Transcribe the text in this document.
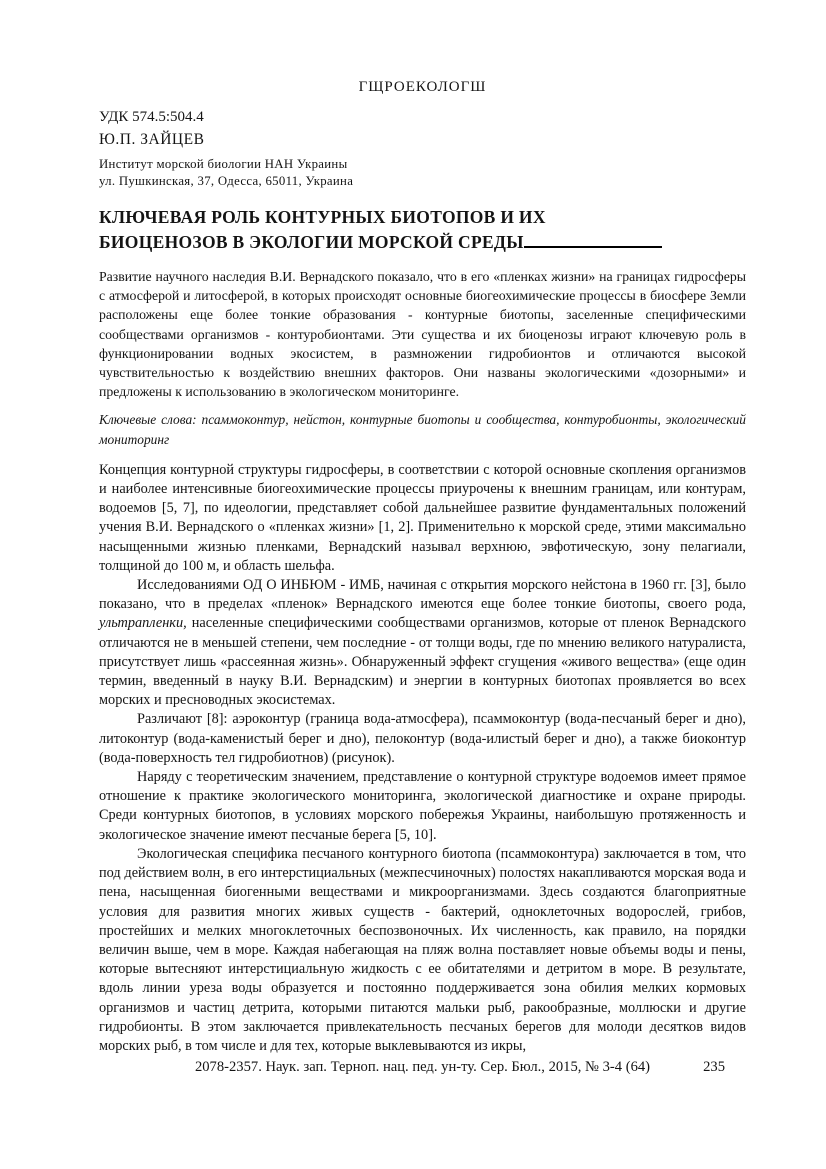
ГЩРОЕКОЛОГШ
УДК 574.5:504.4
Ю.П. ЗАЙЦЕВ
Институт морской биологии НАН Украины
ул. Пушкинская, 37, Одесса, 65011, Украина
КЛЮЧЕВАЯ РОЛЬ КОНТУРНЫХ БИОТОПОВ И ИХ
БИОЦЕНОЗОВ В ЭКОЛОГИИ МОРСКОЙ СРЕДЫ
Развитие научного наследия В.И. Вернадского показало, что в его «пленках жизни» на границах гидросферы с атмосферой и литосферой, в которых происходят основные биогеохимические процессы в биосфере Земли расположены еще более тонкие образования - контурные биотопы, заселенные специфическими сообществами организмов - контуробионтами. Эти существа и их биоценозы играют ключевую роль в функционировании водных экосистем, в размножении гидробионтов и отличаются высокой чувствительностью к воздействию внешних факторов. Они названы экологическими «дозорными» и предложены к использованию в экологическом мониторинге.
Ключевые слова: псаммоконтур, нейстон, контурные биотопы и сообщества, контуробионты, экологический мониторинг

Концепция контурной структуры гидросферы, в соответствии с которой основные скопления организмов и наиболее интенсивные биогеохимические процессы приурочены к внешним границам, или контурам, водоемов [5, 7], по идеологии, представляет собой дальнейшее развитие фундаментальных положений учения В.И. Вернадского о «пленках жизни» [1, 2]. Применительно к морской среде, этими максимально насыщенными жизнью пленками, Вернадский называл верхнюю, эвфотическую, зону пелагиали, толщиной до 100 м, и область шельфа.

Исследованиями ОД О ИНБЮМ - ИМБ, начиная с открытия морского нейстона в 1960 гг. [3], было показано, что в пределах «пленок» Вернадского имеются еще более тонкие биотопы, своего рода, ультрапленки, населенные специфическими сообществами организмов, которые от пленок Вернадского отличаются не в меньшей степени, чем последние - от толщи воды, где по мнению великого натуралиста, присутствует лишь «рассеянная жизнь». Обнаруженный эффект сгущения «живого вещества» (еще один термин, введенный в науку В.И. Вернадским) и энергии в контурных биотопах проявляется во всех морских и пресноводных экосистемах.

Различают [8]: аэроконтур (граница вода-атмосфера), псаммоконтур (вода-песчаный берег и дно), литоконтур (вода-каменистый берег и дно), пелоконтур (вода-илистый берег и дно), а также биоконтур (вода-поверхность тел гидробиотнов) (рисунок).

Наряду с теоретическим значением, представление о контурной структуре водоемов имеет прямое отношение к практике экологического мониторинга, экологической диагностике и охране природы. Среди контурных биотопов, в условиях морского побережья Украины, наибольшую протяженность и экологическое значение имеют песчаные берега [5, 10].

Экологическая специфика песчаного контурного биотопа (псаммоконтура) заключается в том, что под действием волн, в его интерстициальных (межпесчиночных) полостях накапливаются морская вода и пена, насыщенная биогенными веществами и микроорганизмами. Здесь создаются благоприятные условия для развития многих живых существ - бактерий, одноклеточных водорослей, грибов, простейших и мелких многоклеточных беспозвоночных. Их численность, как правило, на порядки величин выше, чем в море. Каждая набегающая на пляж волна поставляет новые объемы воды и пены, которые вытесняют интерстициальную жидкость с ее обитателями и детритом в море. В результате, вдоль линии уреза воды образуется и постоянно поддерживается зона обилия мелких кормовых организмов и частиц детрита, которыми питаются мальки рыб, ракообразные, моллюски и другие гидробионты. В этом заключается привлекательность песчаных берегов для молоди десятков видов морских рыб, в том числе и для тех, которые выклевываются из икры,

2078-2357. Наук. зап. Терноп. нац. пед. ун-ту. Сер. Бюл., 2015, № 3-4 (64)	235
